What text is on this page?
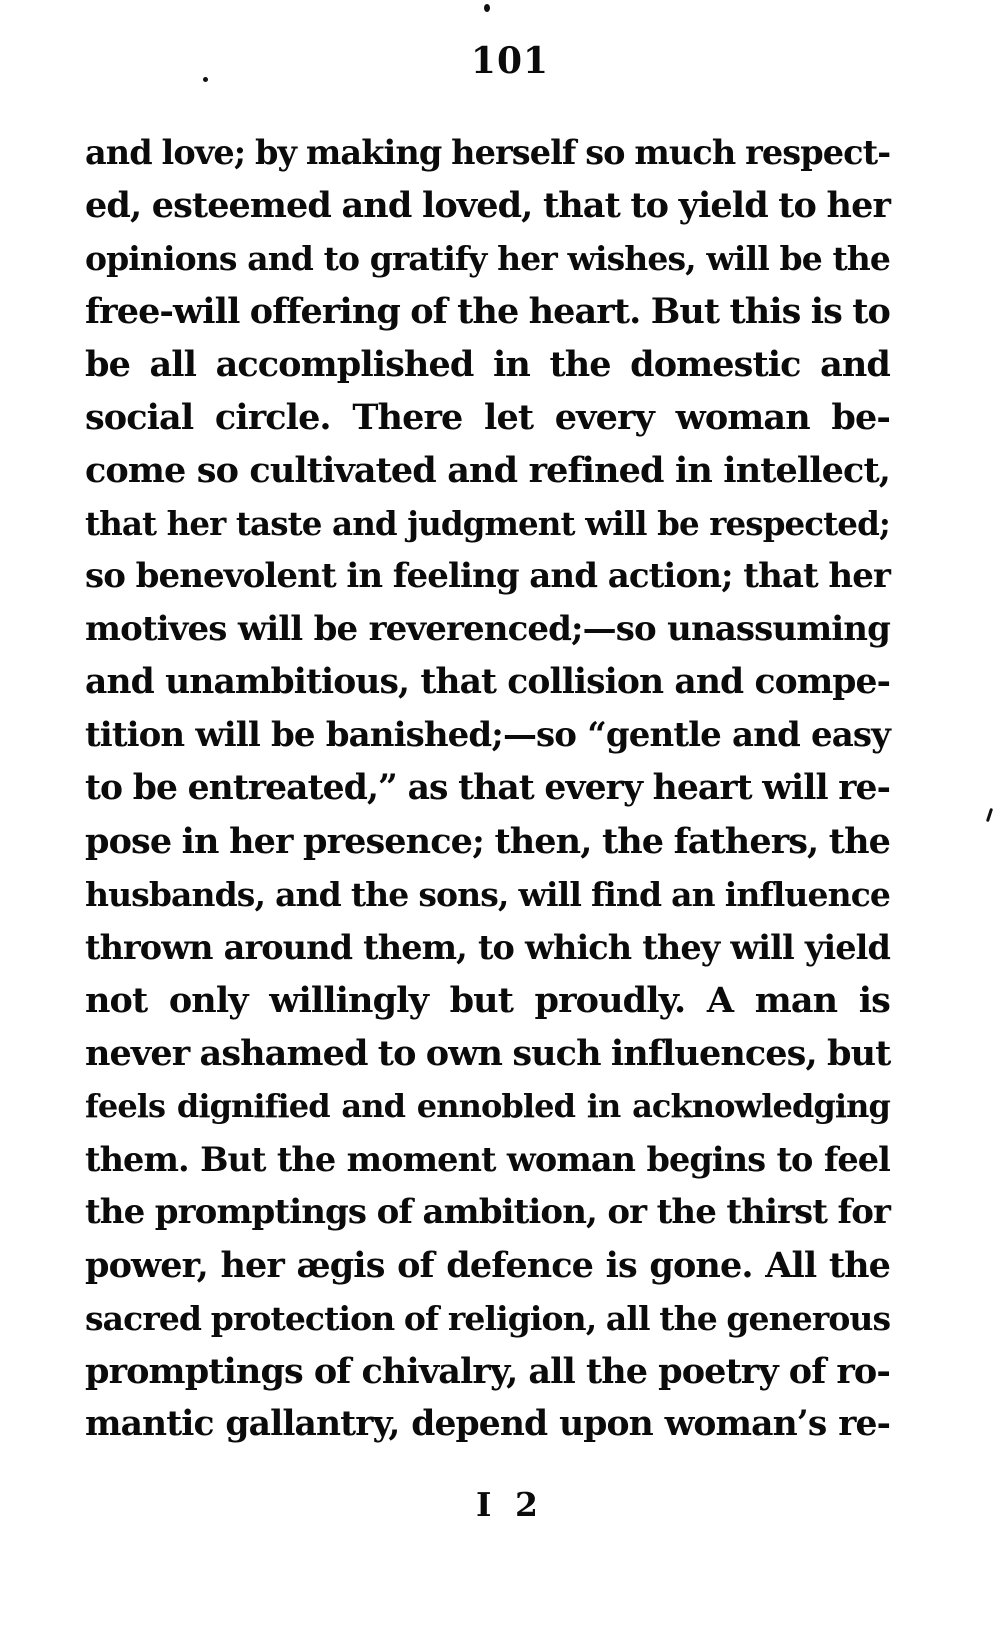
101
and love; by making herself so much respect-
ed, esteemed and loved, that to yield to her
opinions and to gratify her wishes, will be the
free-will offering of the heart. But this is to
be all accomplished in the domestic and
social circle. There let every woman be-
come so cultivated and refined in intellect,
that her taste and judgment will be respected;
so benevolent in feeling and action; that her
motives will be reverenced;—so unassuming
and unambitious, that collision and compe-
tition will be banished;—so “gentle and easy
to be entreated,” as that every heart will re-
pose in her presence; then, the fathers, the
husbands, and the sons, will find an influence
thrown around them, to which they will yield
not only willingly but proudly. A man is
never ashamed to own such influences, but
feels dignified and ennobled in acknowledging
them. But the moment woman begins to feel
the promptings of ambition, or the thirst for
power, her ægis of defence is gone. All the
sacred protection of religion, all the generous
promptings of chivalry, all the poetry of ro-
mantic gallantry, depend upon woman’s re-
I 2
